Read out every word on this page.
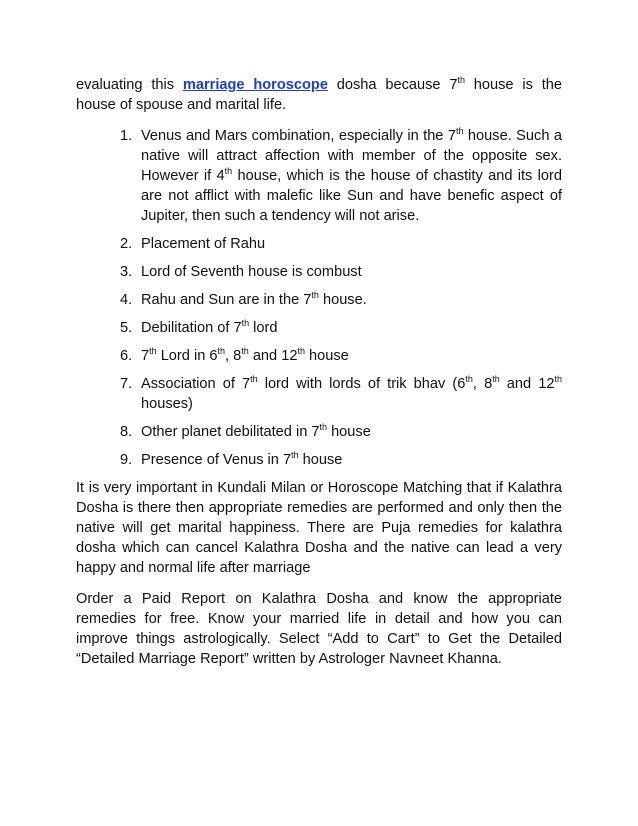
evaluating this marriage horoscope dosha because 7th house is the house of spouse and marital life.

1. Venus and Mars combination, especially in the 7th house. Such a native will attract affection with member of the opposite sex. However if 4th house, which is the house of chastity and its lord are not afflict with malefic like Sun and have benefic aspect of Jupiter, then such a tendency will not arise.
2. Placement of Rahu
3. Lord of Seventh house is combust
4. Rahu and Sun are in the 7th house.
5. Debilitation of 7th lord
6. 7th Lord in 6th, 8th and 12th house
7. Association of 7th lord with lords of trik bhav (6th, 8th and 12th houses)
8. Other planet debilitated in 7th house
9. Presence of Venus in 7th house

It is very important in Kundali Milan or Horoscope Matching that if Kalathra Dosha is there then appropriate remedies are performed and only then the native will get marital happiness. There are Puja remedies for kalathra dosha which can cancel Kalathra Dosha and the native can lead a very happy and normal life after marriage

Order a Paid Report on Kalathra Dosha and know the appropriate remedies for free. Know your married life in detail and how you can improve things astrologically. Select “Add to Cart” to Get the Detailed “Detailed Marriage Report” written by Astrologer Navneet Khanna.
